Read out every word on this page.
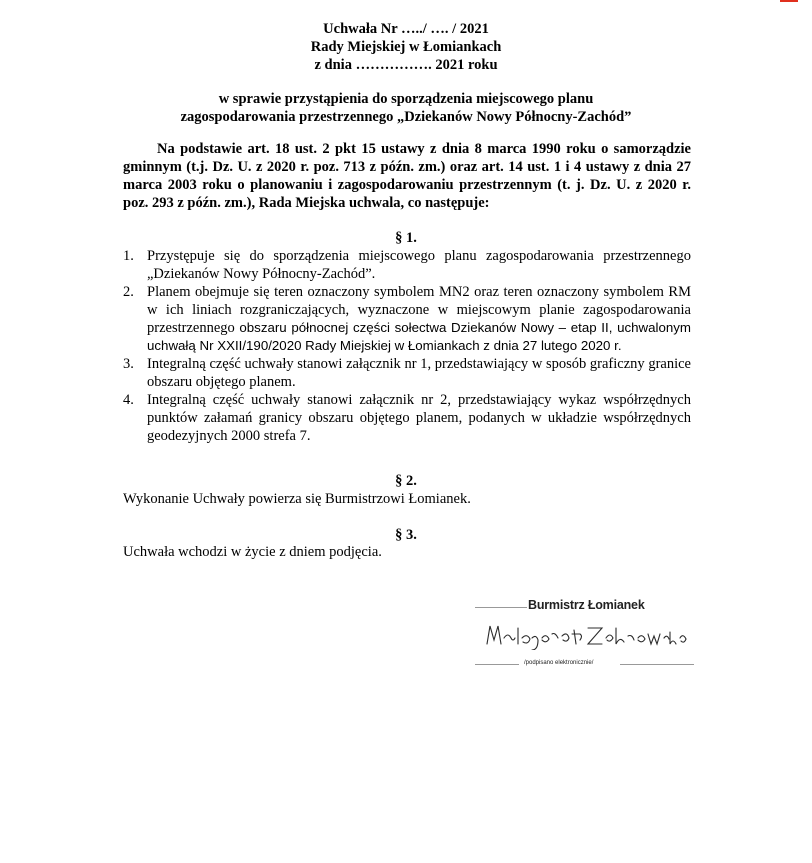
Uchwała Nr …../ …. / 2021
Rady Miejskiej w Łomiankach
z dnia ……………. 2021 roku
w sprawie przystąpienia do sporządzenia miejscowego planu
zagospodarowania przestrzennego „Dziekanów Nowy Północny-Zachód”
Na podstawie art. 18 ust. 2 pkt 15 ustawy z dnia 8 marca 1990 roku o samorządzie gminnym (t.j. Dz. U. z 2020 r. poz. 713 z późn. zm.) oraz art. 14 ust. 1 i 4 ustawy z dnia 27 marca 2003 roku o planowaniu i zagospodarowaniu przestrzennym (t. j. Dz. U. z 2020 r. poz. 293 z późn. zm.), Rada Miejska uchwala, co następuje:
§ 1.
1. Przystępuje się do sporządzenia miejscowego planu zagospodarowania przestrzennego „Dziekanów Nowy Północny-Zachód”.
2. Planem obejmuje się teren oznaczony symbolem MN2 oraz teren oznaczony symbolem RM w ich liniach rozgraniczających, wyznaczone w miejscowym planie zagospodarowania przestrzennego obszaru północnej części sołectwa Dziekanów Nowy – etap II, uchwalonym uchwałą Nr XXII/190/2020 Rady Miejskiej w Łomiankach z dnia 27 lutego 2020 r.
3. Integralną część uchwały stanowi załącznik nr 1, przedstawiający w sposób graficzny granice obszaru objętego planem.
4. Integralną część uchwały stanowi załącznik nr 2, przedstawiający wykaz współrzędnych punktów załamań granicy obszaru objętego planem, podanych w układzie współrzędnych geodezyjnych 2000 strefa 7.
§ 2.
Wykonanie Uchwały powierza się Burmistrzowi Łomianek.
§ 3.
Uchwała wchodzi w życie z dniem podjęcia.
Burmistrz Łomianek
/podpisano elektronicznie/
